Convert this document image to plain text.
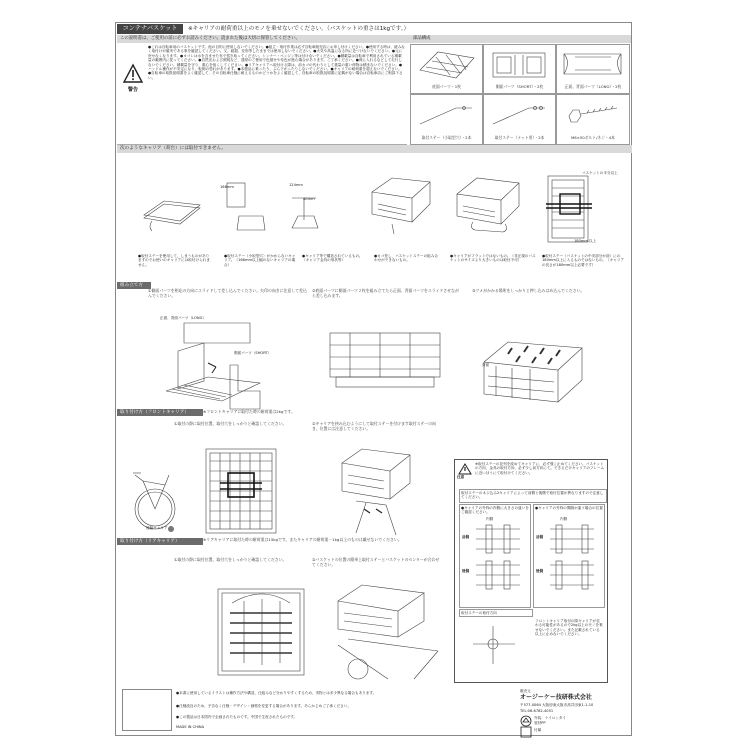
コンテナバスケット	※キャリアの耐荷重以上のモノを乗せないでください。（バスケットの重さは1kgです。）
この説明書は、ご使用の前に必ずお読みください。読まれた後は大切に保管してください。	部品構成
警告
●これは自転車用のバスケットです。他の目的に使用しないでください。●組立・取付作業は必ず自転車販売店にお申し付けください。●使用する時は、緩みなく取付けが確実である事を確認してください。又、破損、変形等したままでは使用しないでください。●火気や高温になる所に近づけないでください。●元に戻せなくなります。●ヨゴレは水を含ませた布で拭き取ってください。シンナー・ベンジン等は付けないでください。●積載量は自転車で利用されている積載量の範囲内に従ってください。●自然光および照明など、通常のご使用で色褪せや変色が進む場合があります。ご了承ください。●荷に入れるなどして走行しないでください。積載量を守り、重心を低くしてください。●リアキャリアへ取付ける際は、前カゴの代わりとして重量の重い荷物は積まないでください。●ハンドル操作が不安定になり、転倒の恐れがあります。●本製品に乗ったり、ぶら下がったりしないでください。●キャリアの耐荷重を超えないでください。●自転車の取扱説明書をよく確認して、その自転車仕様に耐えるものかどうかをよく確認して、自転車の取扱説明書に記載がない場合は自転車店にご相談下さい。
底面パーツ・1枚	側面パーツ（SHORT）・2枚	正面、背面パーツ（LONG）・2枚
取付ステー（小取型穴）・2本	取付ステー（ナット用）・2本	M6×50ボルト/ネジ・4本
次のようなキャリア（荷台）には取付できません。
166mm	124mm
40mm
バスケットの半分以上
180mm 以上
●取付ステーを使用して、しまうものがありますのでお使いのキャリアには取付けられません。
●取付ステー（小取型穴）がかからないキャリア。（166mm以上幅のないキャリアの場合）
●キャリア等で構造されているもの。（キャリア金具の形状等）
●カゴ差し、バスケットステーの組み合わせができないもの。
●キャリアがフラットではないもの。（非正規のバスケットのサイズより大きいものは取付不可）
●取付ステー（バスケットの中央部分が前）にの180mm以上に入るものではないもの。（キャリアの長さが180mm以上必要です）
組み立て方
①側面パーツを相応の方向にスライドして差し込んでください。矢印の向きに注意して差込んでください。
②底面パーツに側面パーツ２枚を組み立てたら正面、背面パーツをスライドさせながら差し込みます。
③ツメがかかる場所をしっかりと押し込みはめ込んでください。
正面、背面パーツ（LONG）
側面パーツ（SHORT）
背面
取り付け方（フロントキャリア）	※フロントキャリアに取付た時の耐荷重は2kgです。
①取付の際に取付位置、取付穴をしっかりと確認してください。	②キャリアを挟み込むようにして取付ステーを付けます取付ステーの向き、位置には注意してください。
後輪キャリア
注意
※取付ステーの並列を改めてキャリアに、必ず強く止めてください。バスケットの方向、金具の取付方向、必ず少し前方向にて。できるだけキャリアのフレームに近いほうにて取付けてください。
取付ステーのネジ込み2キャリアによって前側と後側で取付位置が異なりますので注意してください。
●キャリアの外枠の内側に大きさの違いをご確認ください。
内側
前側
後側
●キャリアの外枠の間隔が違う場合の位置
内側
前側
後側
取付ステーの取付方向
フロントキャリア取付の際キャリアが変わる可能性があるので2kg以上のモノを乗せないでください。また記載されている以上に止めないでください。
取り付け方（リアキャリア）	※リアキャリアに取付た時の耐荷重は15kgです。またキャリアの耐荷重－1kg以上のものは載せないでください。
①取付の際に取付位置、取付穴をしっかりと確認してください。	②バスケットの位置の簡単上取付ステーとバスケットのセンターが合わせてください。
●本書に使用しているイラストは操作方法や構造、仕組みなど分かりやすくするため、実物とは多少異なる場合もあります。
●仕様改良のため、予告なく仕様・デザイン・価格を変更する場合があります。あらかじめご了承ください。
●この製品は日本国内で企画されたものです。中国で生産されたものです。
MADE IN CHINA
販売元
オージーケー技研株式会社
〒577-0064 大阪府東大阪市高井田東1-1-10
TEL:06-6782-4051
外装：ナイロンタイ
底材PP
付属
